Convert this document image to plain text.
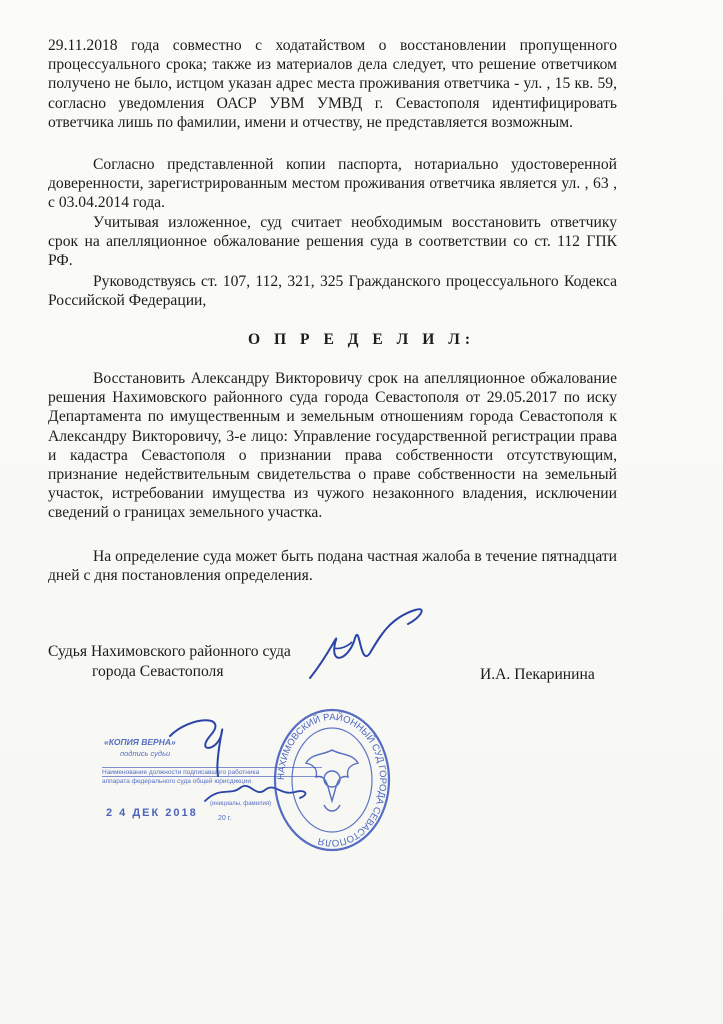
29.11.2018 года совместно с ходатайством о восстановлении пропущенного процессуального срока; также из материалов дела следует, что решение ответчиком получено не было, истцом указан адрес места проживания ответчика - ул. , 15 кв. 59, согласно уведомления ОАСР УВМ УМВД г. Севастополя идентифицировать ответчика лишь по фамилии, имени и отчеству, не представляется возможным.

Согласно представленной копии паспорта, нотариально удостоверенной доверенности, зарегистрированным местом проживания ответчика является ул. , 63 , с 03.04.2014 года.

Учитывая изложенное, суд считает необходимым восстановить ответчику срок на апелляционное обжалование решения суда в соответствии со ст. 112 ГПК РФ.

Руководствуясь ст. 107, 112, 321, 325 Гражданского процессуального Кодекса Российской Федерации,

О П Р Е Д Е Л И Л:

Восстановить Александру Викторовичу срок на апелляционное обжалование решения Нахимовского районного суда города Севастополя от 29.05.2017 по иску Департамента по имущественным и земельным отношениям города Севастополя к Александру Викторовичу, 3-е лицо: Управление государственной регистрации права и кадастра Севастополя о признании права собственности отсутствующим, признание недействительным свидетельства о праве собственности на земельный участок, истребовании имущества из чужого незаконного владения, исключении сведений о границах земельного участка.

На определение суда может быть подана частная жалоба в течение пятнадцати дней с дня постановления определения.

Судья Нахимовского районного суда
города Севастополя	И.А. Пекаринина
«КОПИЯ ВЕРНА»
подпись судьи
Наименование должности подписавшего работника
аппарата федерального суда общей юрисдикции
(инициалы, фамилия)
2 4 ДЕК 2018	20 г.
НАХИМОВСКИЙ РАЙОННЫЙ СУД ГОРОДА СЕВАСТОПОЛЯ
